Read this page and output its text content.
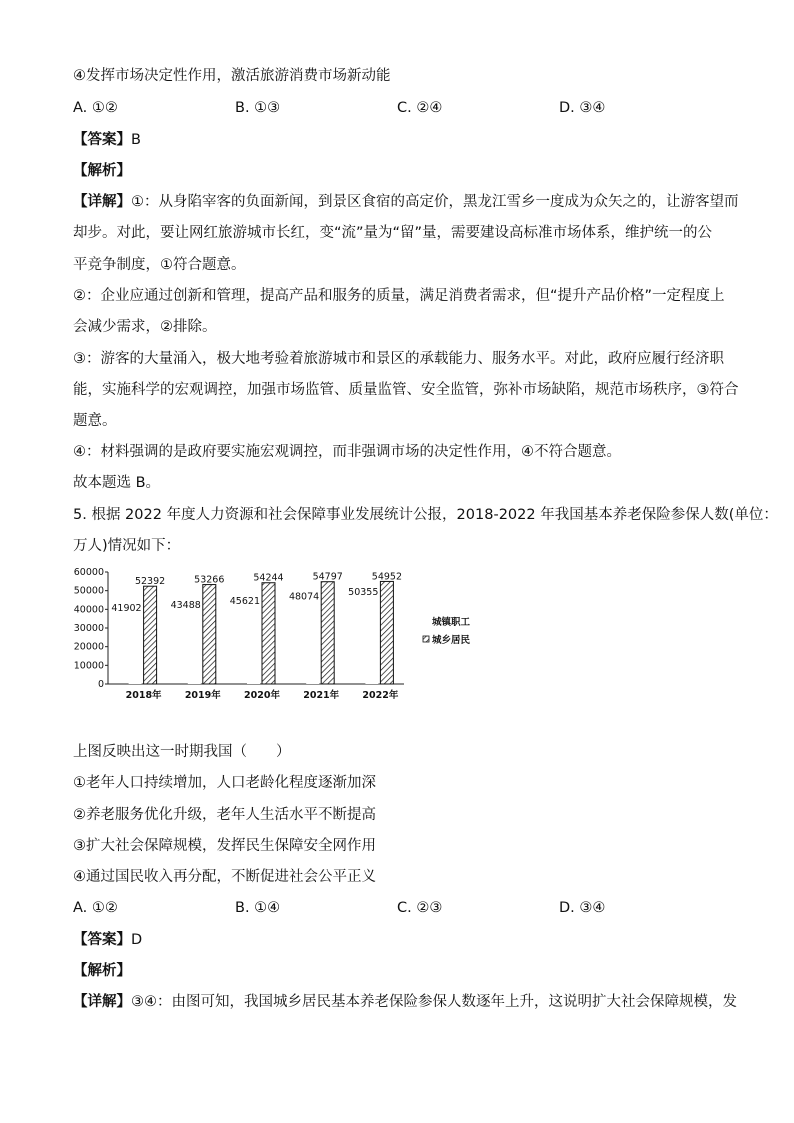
④发挥市场决定性作用，激活旅游消费市场新动能
A. ①②	B. ①③	C. ②④	D. ③④
【答案】B
【解析】
【详解】①：从身陷宰客的负面新闻，到景区食宿的高定价，黑龙江雪乡一度成为众矢之的，让游客望而
却步。对此，要让网红旅游城市长红，变“流”量为“留”量，需要建设高标准市场体系，维护统一的公
平竞争制度，①符合题意。
②：企业应通过创新和管理，提高产品和服务的质量，满足消费者需求，但“提升产品价格”一定程度上
会减少需求，②排除。
③：游客的大量涌入，极大地考验着旅游城市和景区的承载能力、服务水平。对此，政府应履行经济职
能，实施科学的宏观调控，加强市场监管、质量监管、安全监管，弥补市场缺陷，规范市场秩序，③符合
题意。
④：材料强调的是政府要实施宏观调控，而非强调市场的决定性作用，④不符合题意。
故本题选 B。
5. 根据 2022 年度人力资源和社会保障事业发展统计公报，2018-2022 年我国基本养老保险参保人数(单位：
万人)情况如下：
0
10000
20000
30000
40000
50000
60000
41902
52392
2018年
43488
53266
2019年
45621
54244
2020年
48074
54797
2021年
50355
54952
2022年
城镇职工
城乡居民
上图反映出这一时期我国（　　）
①老年人口持续增加，人口老龄化程度逐渐加深
②养老服务优化升级，老年人生活水平不断提高
③扩大社会保障规模，发挥民生保障安全网作用
④通过国民收入再分配，不断促进社会公平正义
A. ①②	B. ①④	C. ②③	D. ③④
【答案】D
【解析】
【详解】③④：由图可知，我国城乡居民基本养老保险参保人数逐年上升，这说明扩大社会保障规模，发
